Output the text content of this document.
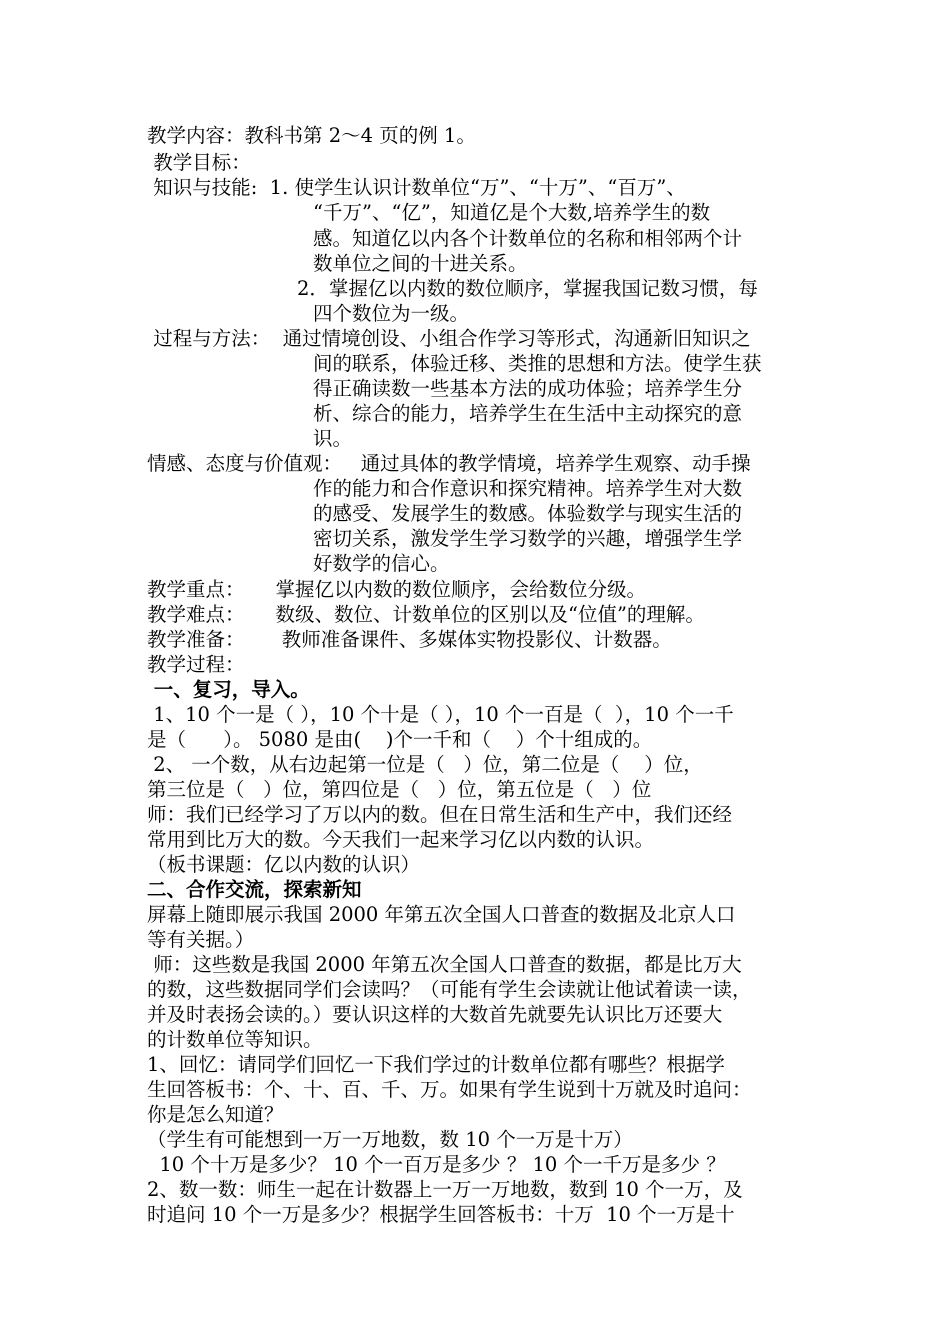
教学内容：教科书第 2～4 页的例 1。
教学目标：
知识与技能:  1. 使学生认识计数单位“万”、“十万”、“百万”、
“千万”、“亿”，知道亿是个大数,培养学生的数
感。知道亿以内各个计数单位的名称和相邻两个计
数单位之间的十进关系。
2．掌握亿以内数的数位顺序，掌握我国记数习惯，每
四个数位为一级。
过程与方法：  通过情境创设、小组合作学习等形式，沟通新旧知识之
间的联系，体验迁移、类推的思想和方法。使学生获
得正确读数一些基本方法的成功体验；培养学生分
析、综合的能力，培养学生在生活中主动探究的意
识。
情感、态度与价值观：   通过具体的教学情境，培养学生观察、动手操
作的能力和合作意识和探究精神。培养学生对大数
的感受、发展学生的数感。体验数学与现实生活的
密切关系，激发学生学习数学的兴趣，增强学生学
好数学的信心。
教学重点：     掌握亿以内数的数位顺序，会给数位分级。
教学难点：     数级、数位、计数单位的区别以及“位值”的理解。
教学准备：      教师准备课件、多媒体实物投影仪、计数器。
教学过程：
一、复习，导入。
1、10 个一是（ ），10 个十是（ ），10 个一百是（  ），10 个一千
是（      ）。 5080 是由(    )个一千和（    ）个十组成的。
2、 一个数，从右边起第一位是（   ）位，第二位是（    ）位，
第三位是（   ）位，第四位是（   ）位，第五位是（   ）位
师：我们已经学习了万以内的数。但在日常生活和生产中，我们还经
常用到比万大的数。今天我们一起来学习亿以内数的认识。
（板书课题：亿以内数的认识）
二、合作交流，探索新知
屏幕上随即展示我国 2000 年第五次全国人口普查的数据及北京人口
等有关据。）
师：这些数是我国 2000 年第五次全国人口普查的数据，都是比万大
的数，这些数据同学们会读吗？（可能有学生会读就让他试着读一读，
并及时表扬会读的。）要认识这样的大数首先就要先认识比万还要大
的计数单位等知识。
1、回忆：请同学们回忆一下我们学过的计数单位都有哪些？根据学
生回答板书：个、十、百、千、万。如果有学生说到十万就及时追问：
你是怎么知道？
（学生有可能想到一万一万地数，数 10 个一万是十万）
10 个十万是多少？ 10 个一百万是多少 ？ 10 个一千万是多少 ？
2、数一数：师生一起在计数器上一万一万地数，数到 10 个一万，及
时追问 10 个一万是多少？根据学生回答板书：十万  10 个一万是十
